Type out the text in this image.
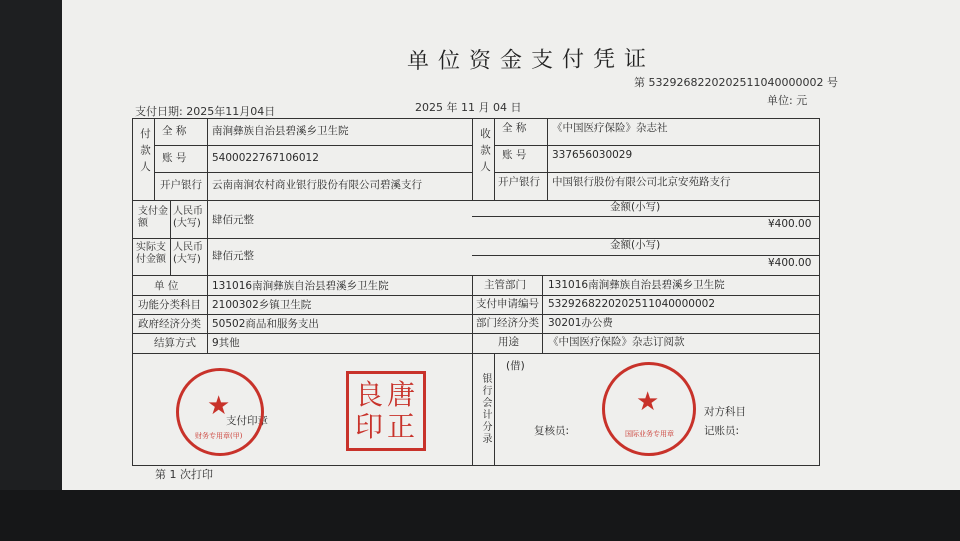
单位资金支付凭证
第 5329268220202511040000002 号
单位: 元
支付日期: 2025年11月04日	2025 年 11 月 04 日
付款人 全 称 南涧彝族自治县碧溪乡卫生院
账 号 5400022767106012
开户银行 云南南涧农村商业银行股份有限公司碧溪支行
收款人 全 称 《中国医疗保险》杂志社
账 号 337656030029
开户银行 中国银行股份有限公司北京安苑路支行
支付金额
人民币(大写)	肆佰元整
金额(小写)
¥400.00
实际支付金额
人民币(大写)	肆佰元整
金额(小写)
¥400.00
单 位	131016南涧彝族自治县碧溪乡卫生院	主管部门 131016南涧彝族自治县碧溪乡卫生院
功能分类科目 2100302乡镇卫生院	支付申请编号 5329268220202511040000002
政府经济分类 50502商品和服务支出	部门经济分类 30201办公费
结算方式 9其他	用途	《中国医疗保险》杂志订阅款
银行会计分录
(借)
复核员:
对方科目
记账员:
支付印章
★
财务专用章(甲)
良 唐
印 正
★
国际业务专用章
第 1 次打印
